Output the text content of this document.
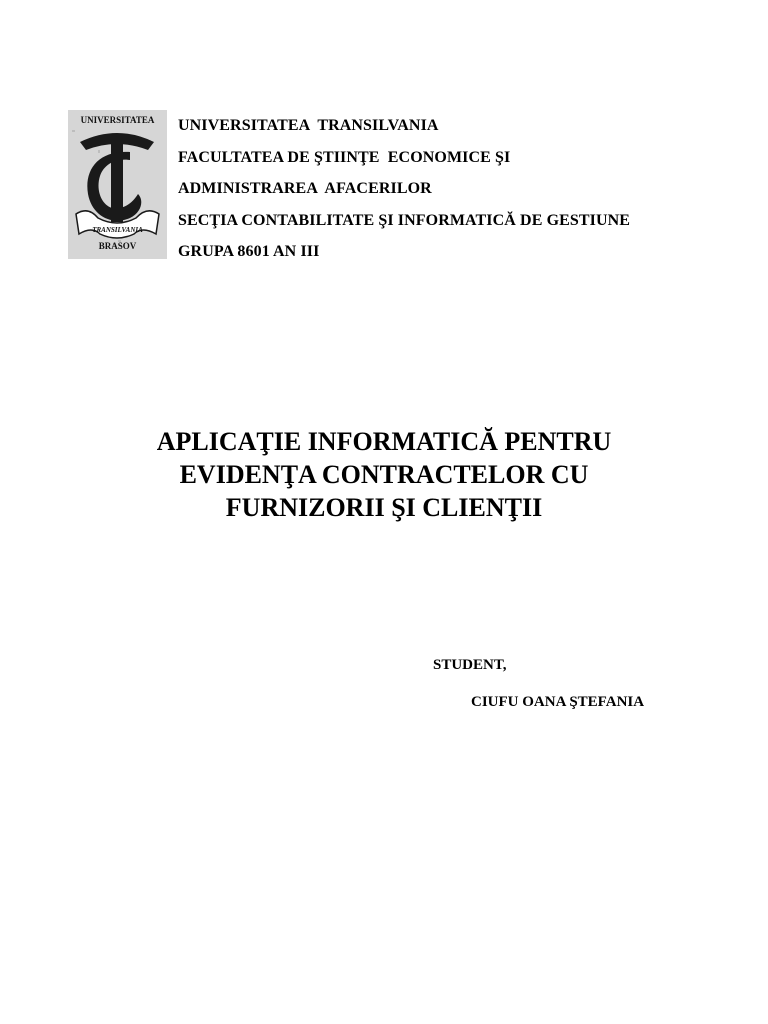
UNIVERSITATEA
TRANSILVANIA
BRASOV
UNIVERSITATEA  TRANSILVANIA
FACULTATEA DE ŞTIINŢE  ECONOMICE ŞI
ADMINISTRAREA  AFACERILOR
SECŢIA CONTABILITATE ŞI INFORMATICĂ DE GESTIUNE
GRUPA 8601 AN III
APLICAŢIE INFORMATICĂ PENTRU
EVIDENŢA CONTRACTELOR CU
FURNIZORII ŞI CLIENŢII
STUDENT,
CIUFU OANA ŞTEFANIA
